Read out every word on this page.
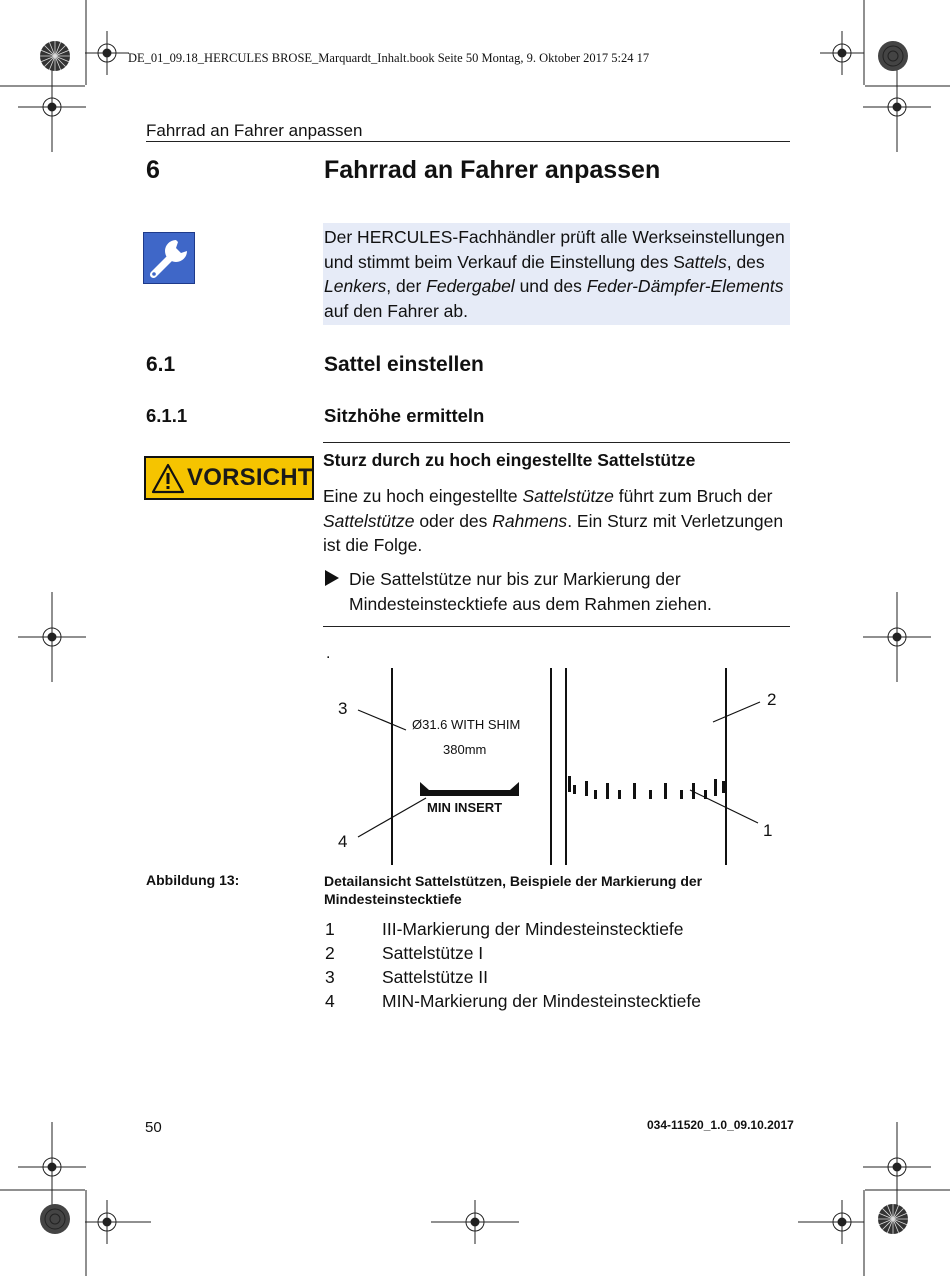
DE_01_09.18_HERCULES BROSE_Marquardt_Inhalt.book Seite 50 Montag, 9. Oktober 2017 5:24 17
Fahrrad an Fahrer anpassen
6	Fahrrad an Fahrer anpassen
Der HERCULES-Fachhändler prüft alle Werkseinstellungen und stimmt beim Verkauf die Einstellung des Sattels, des Lenkers, der Federgabel und des Feder-Dämpfer-Elements auf den Fahrer ab.
6.1	Sattel einstellen
6.1.1	Sitzhöhe ermitteln
VORSICHT
Sturz durch zu hoch eingestellte Sattelstütze
Eine zu hoch eingestellte Sattelstütze führt zum Bruch der Sattelstütze oder des Rahmens. Ein Sturz mit Verletzungen ist die Folge.
Die Sattelstütze nur bis zur Markierung der Mindesteinstecktiefe aus dem Rahmen ziehen.
.
Ø31.6 WITH SHIM
380mm
MIN INSERT
3
4
2
1
Abbildung 13:	Detailansicht Sattelstützen, Beispiele der Markierung der Mindesteinstecktiefe
1	III-Markierung der Mindesteinstecktiefe
2	Sattelstütze I
3	Sattelstütze II
4	MIN-Markierung der Mindesteinstecktiefe
50	034-11520_1.0_09.10.2017
